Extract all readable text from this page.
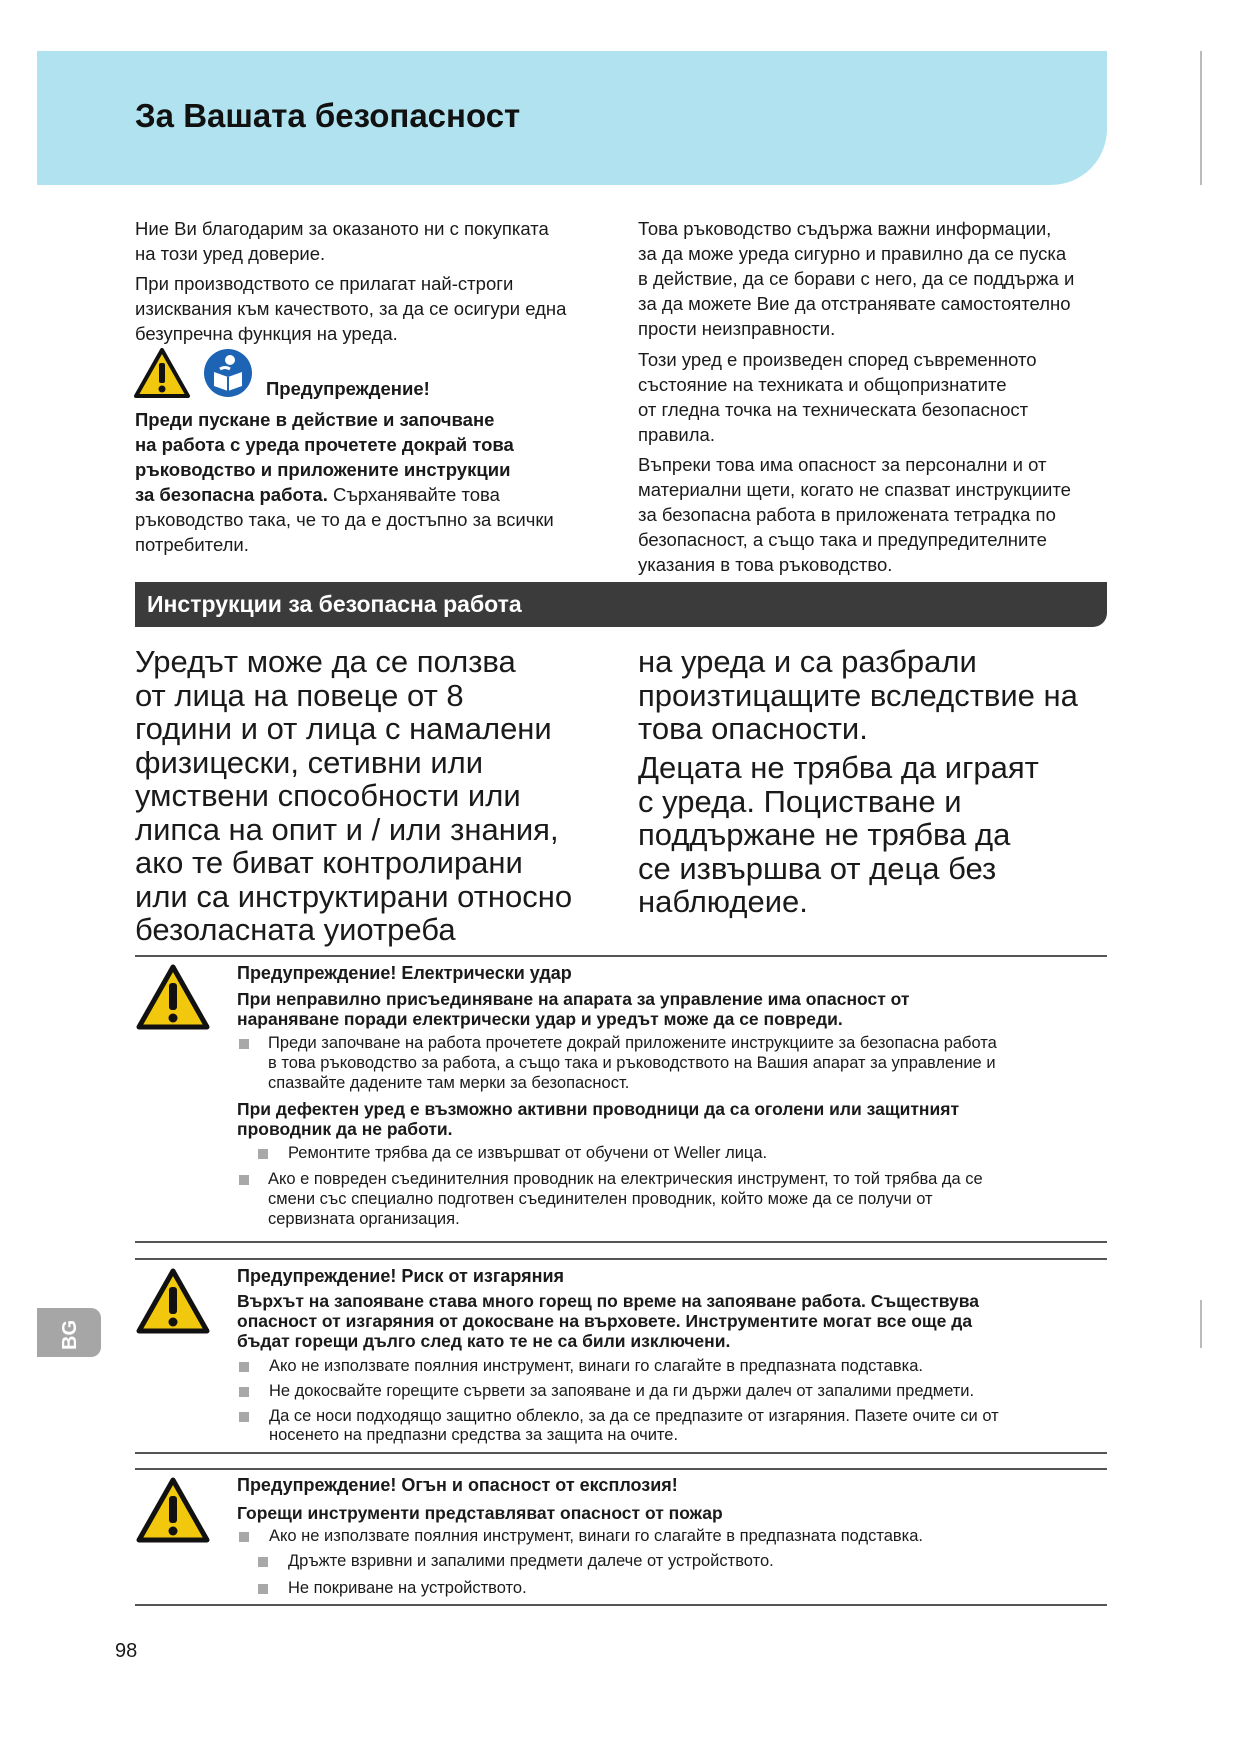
За Вашата безопасност
Ние Ви благодарим за оказаното ни с покупката
на този уред доверие.
При производството се прилагат най-строги
изисквания към качеството, за да се осигури една
безупречна функция на уреда.
Предупреждение!
Преди пускане в действие и започване
на работа с уреда прочетете докрай това
ръководство и приложените инструкции
за безопасна работа. Сърханявайте това
ръководство така, че то да е достъпно за всички
потребители.
Това ръководство съдържа важни информации,
за да може уреда сигурно и правилно да се пуска
в действие, да се борави с него, да се поддържа и
за да можете Вие да отстранявате самостоятелно
прости неизправности.
Този уред е произведен според съвременното
състояние на техниката и общопризнатите
от гледна точка на техническата безопасност
правила.
Въпреки това има опасност за персонални и от
материални щети, когато не спазват инструкциите
за безопасна работа в приложената тетрадка по
безопасност, а също така и предупредителните
указания в това ръководство.
Инструкции за безопасна работа
Уредът може да се ползва
от лица на повеце от 8
години и от лица с намалени
физицески, сетивни или
умствени способности или
липса на опит и / или знания,
ако те биват контролирани
или са инструктирани относно
безоласната уиотреба
на уреда и са разбрали
произтицащите вследствие на
това опасности.
Децата не трябва да играят
с уреда. Поцистване и
поддържане не трябва да
се извършва от деца без
наблюдеие.
Предупреждение! Електрически удар
При неправилно присъединяване на апарата за управление има опасност от
нараняване поради електрически удар и уредът може да се повреди.
Преди започване на работа прочетете докрай приложените инструкциите за безопасна работа
в това ръководство за работа, а също така и ръководството на Вашия апарат за управление и
спазвайте дадените там мерки за безопасност.
При дефектен уред е възможно активни проводници да са оголени или защитният
проводник да не работи.
Ремонтите трябва да се извършват от обучени от Weller лица.
Ако е повреден съединителния проводник на електрическия инструмент, то той трябва да се
смени със специално подготвен съединителен проводник, който може да се получи от
сервизната организация.
Предупреждение! Риск от изгаряния
Върхът на запояване става много горещ по време на запояване работа. Съществува
опасност от изгаряния от докосване на върховете. Инструментите могат все още да
бъдат горещи дълго след като те не са били изключени.
Ако не използвате поялния инструмент, винаги го слагайте в предпазната подставка.
Не докосвайте горещите сървети за запояване и да ги държи далеч от запалими предмети.
Да се носи подходящо защитно облекло, за да се предпазите от изгаряния. Пазете очите си от
носенето на предпазни средства за защита на очите.
Предупреждение! Огън и опасност от експлозия!
Горещи инструменти представляват опасност от пожар
Ако не използвате поялния инструмент, винаги го слагайте в предпазната подставка.
Дръжте взривни и запалими предмети далече от устройството.
Не покриване на устройството.
BG
98
